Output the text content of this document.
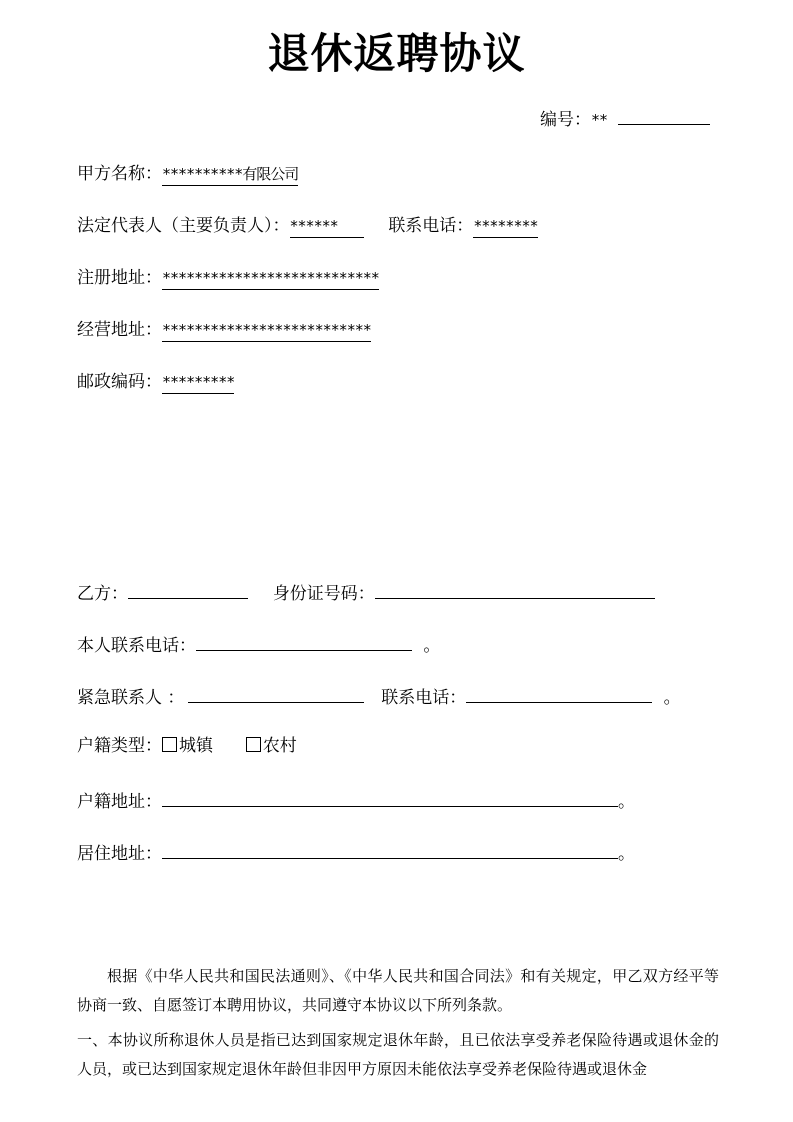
退休返聘协议
编号：**
甲方名称：**********有限公司
法定代表人（主要负责人）：******	联系电话：********
注册地址：***************************
经营地址：**************************
邮政编码：*********
乙方：	身份证号码：
本人联系电话：	。
紧急联系人 ：	联系电话：	。
户籍类型： 城镇	农村
户籍地址：	。
居住地址：	。
根据《中华人民共和国民法通则》、《中华人民共和国合同法》和有关规定，甲乙双方经平等协商一致、自愿签订本聘用协议，共同遵守本协议以下所列条款。
一、本协议所称退休人员是指已达到国家规定退休年龄，且已依法享受养老保险待遇或退休金的人员，或已达到国家规定退休年龄但非因甲方原因未能依法享受养老保险待遇或退休金
